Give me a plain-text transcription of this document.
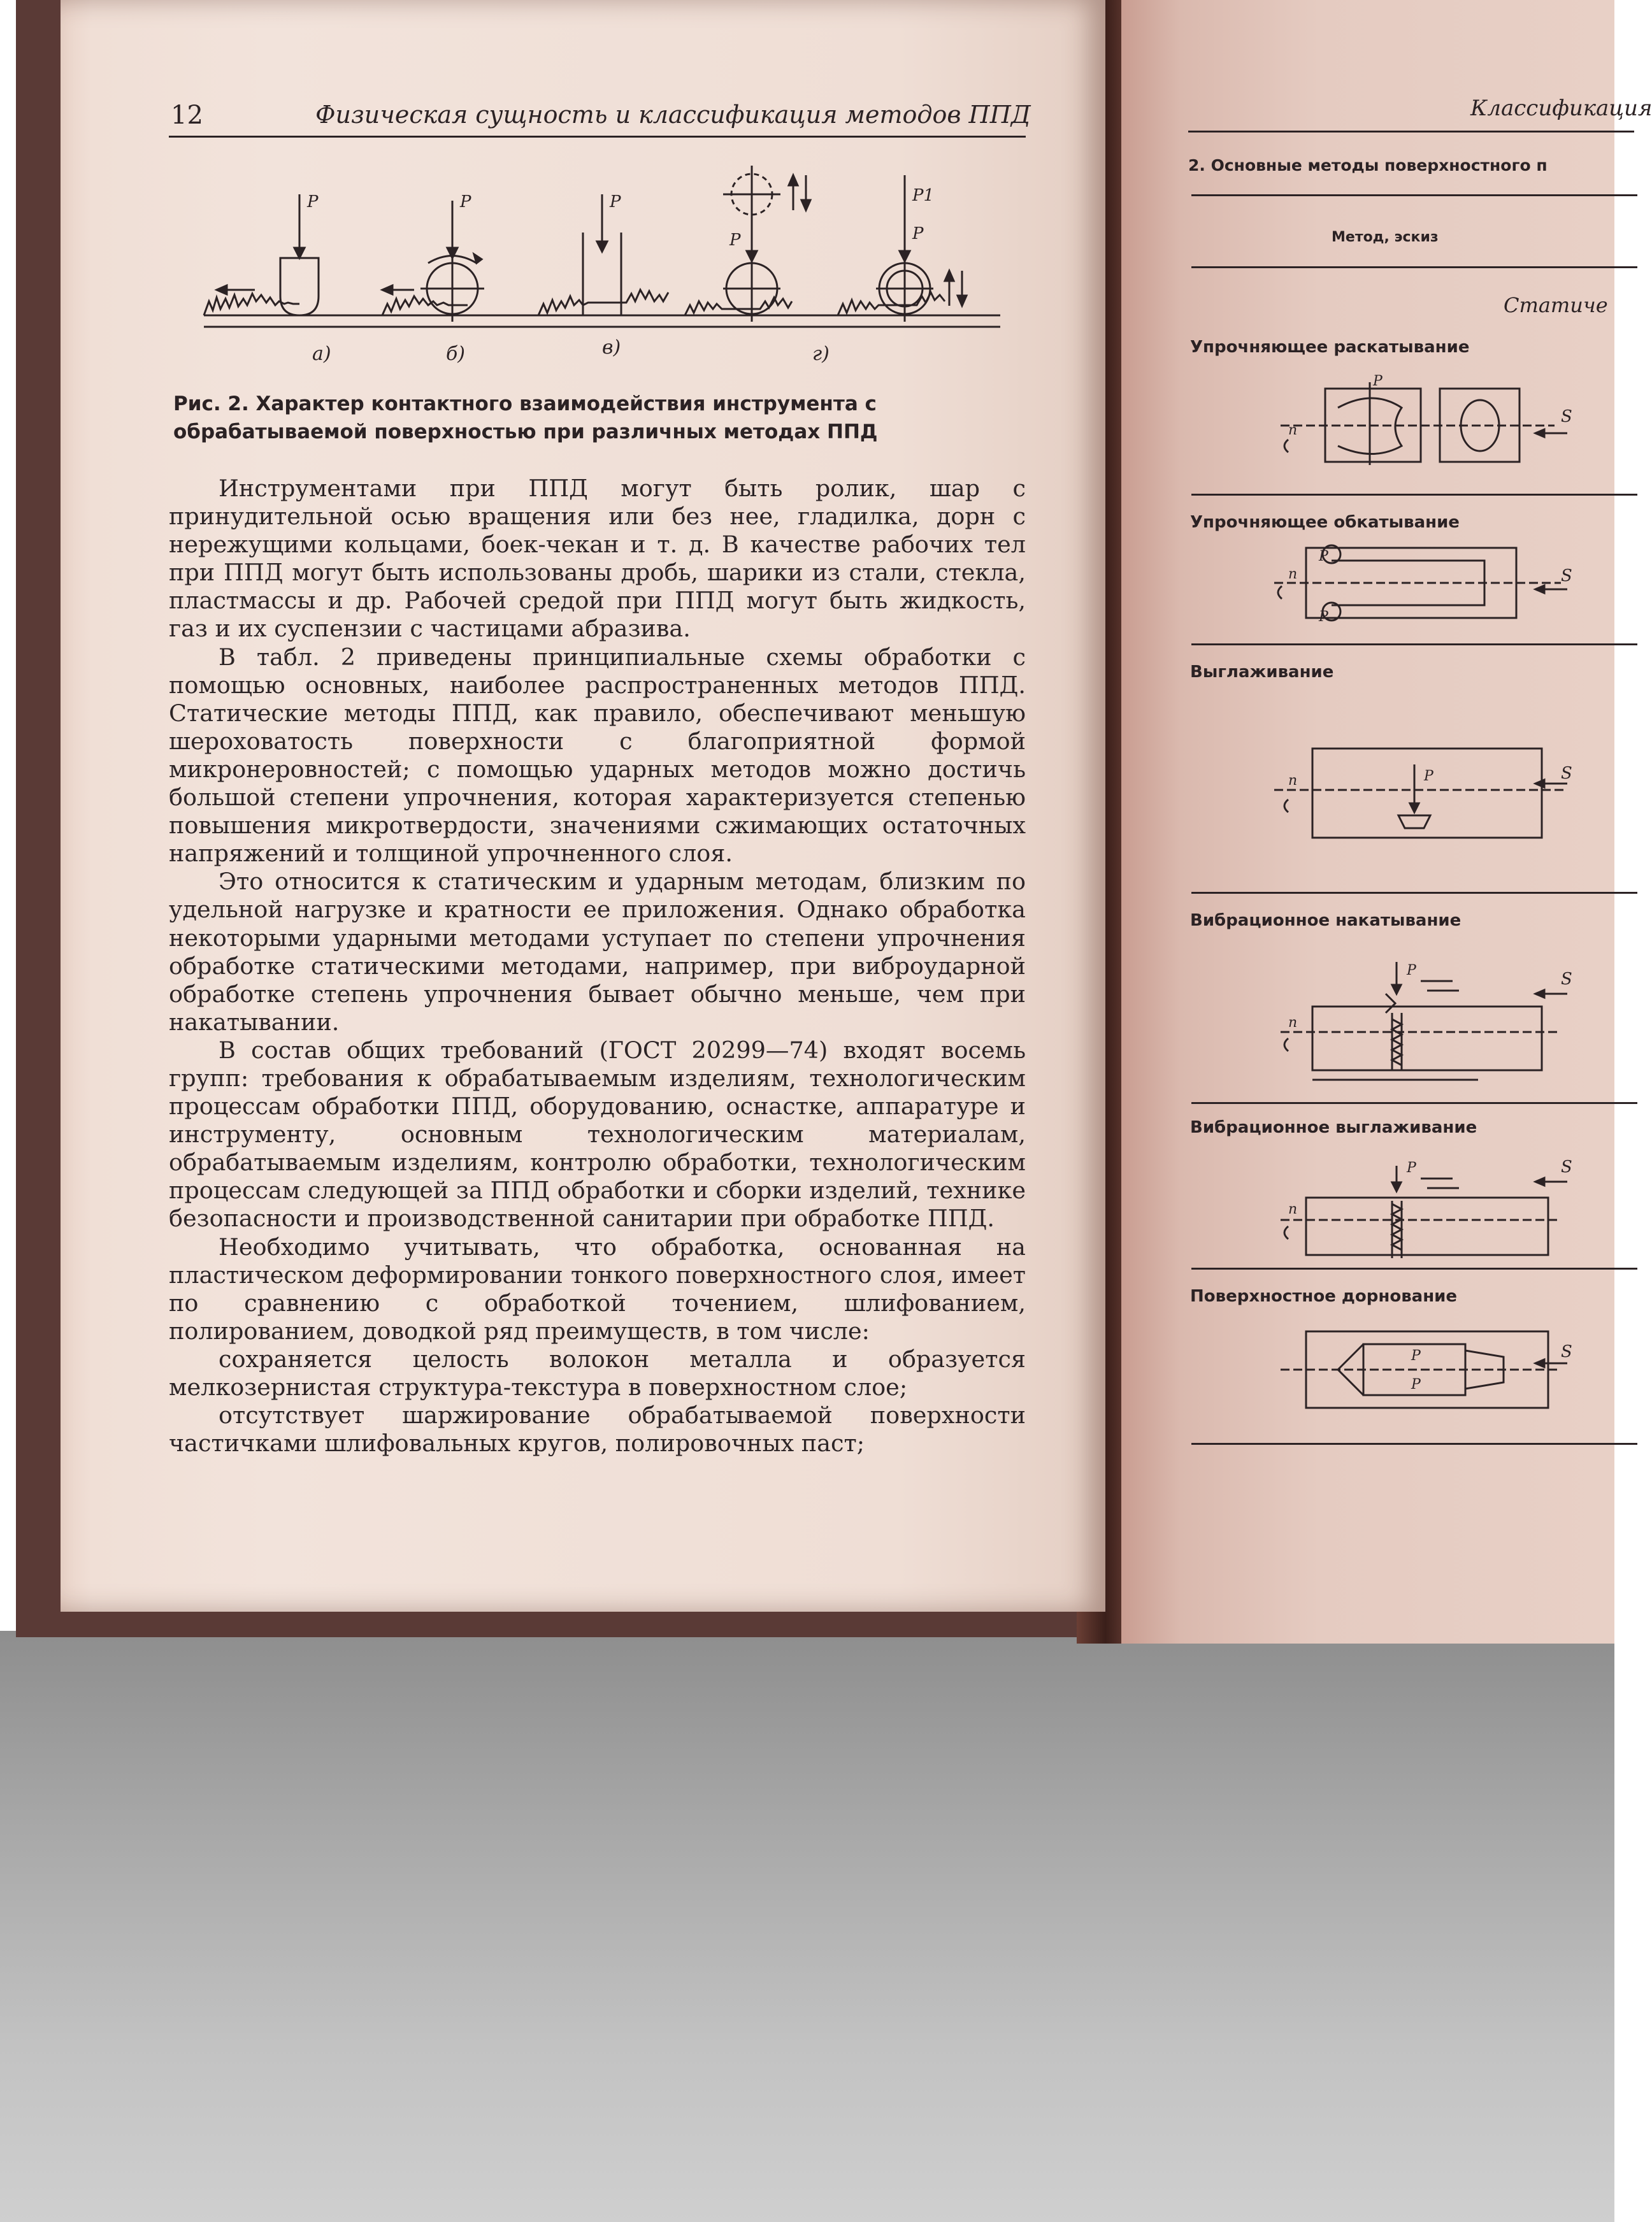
12	Физическая сущность и классификация методов ППД
P	P	P
P
P1
P
а)	б)	в)	г)
Рис. 2. Характер контактного взаимодействия инструмента с обрабатываемой поверхностью при различных методах ППД

Инструментами при ППД могут быть ролик, шар с принудительной осью вращения или без нее, гладилка, дорн с нережущими кольцами, боек-чекан и т. д. В качестве рабочих тел при ППД могут быть использованы дробь, шарики из стали, стекла, пластмассы и др. Рабочей средой при ППД могут быть жидкость, газ и их суспензии с частицами абразива.

В табл. 2 приведены принципиальные схемы обработки с помощью основных, наиболее распространенных методов ППД. Статические методы ППД, как правило, обеспечивают меньшую шероховатость поверхности с благоприятной формой микронеровностей; с помощью ударных методов можно достичь большой степени упрочнения, которая характеризуется степенью повышения микротвердости, значениями сжимающих остаточных напряжений и толщиной упрочненного слоя.

Это относится к статическим и ударным методам, близким по удельной нагрузке и кратности ее приложения. Однако обработка некоторыми ударными методами уступает по степени упрочнения обработке статическими методами, например, при виброударной обработке степень упрочнения бывает обычно меньше, чем при накатывании.

В состав общих требований (ГОСТ 20299—74) входят восемь групп: требования к обрабатываемым изделиям, технологическим процессам обработки ППД, оборудованию, оснастке, аппаратуре и инструменту, основным технологическим материалам, обрабатываемым изделиям, контролю обработки, технологическим процессам следующей за ППД обработки и сборки изделий, технике безопасности и производственной санитарии при обработке ППД.

Необходимо учитывать, что обработка, основанная на пластическом деформировании тонкого поверхностного слоя, имеет по сравнению с обработкой точением, шлифованием, полированием, доводкой ряд преимуществ, в том числе:

сохраняется целость волокон металла и образуется мелкозернистая структура-текстура в поверхностном слое;

отсутствует шаржирование обрабатываемой поверхности частичками шлифовальных кругов, полировочных паст;

Классификация
2. Основные методы поверхностного п
Метод, эскиз
Статиче
Упрочняющее раскатывание
Упрочняющее обкатывание
Выглаживание
Вибрационное накатывание
Вибрационное выглаживание
Поверхностное дорнование
P
n
S
P
P
n	S
P
n	S
P
n
S
P
n
S
P
P
S
